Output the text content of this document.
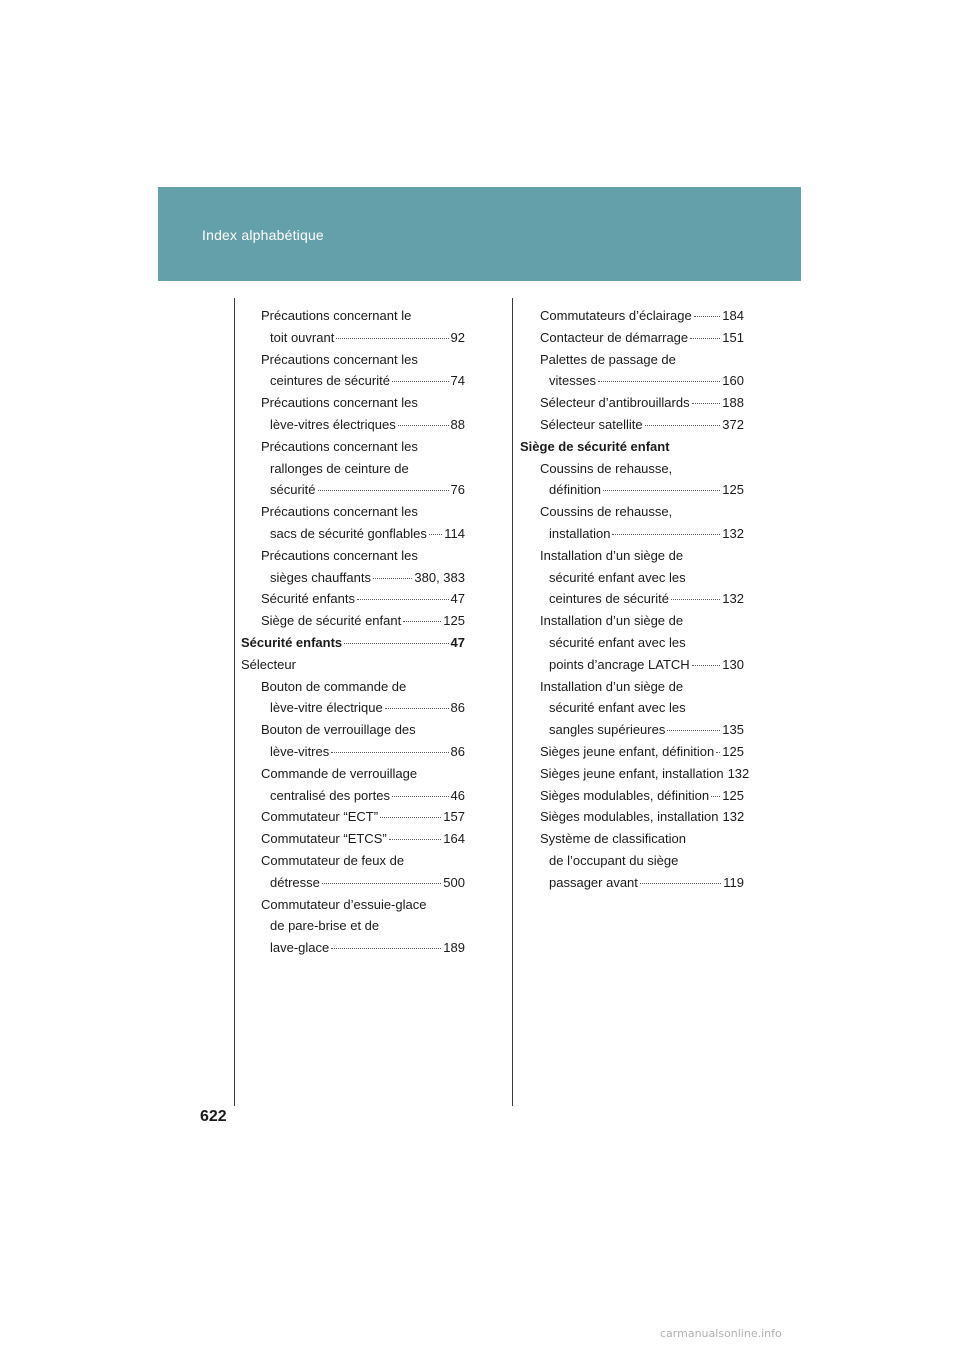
Index alphabétique
622
Précautions concernant le
toit ouvrant	92
Précautions concernant les
ceintures de sécurité	74
Précautions concernant les
lève-vitres électriques	88
Précautions concernant les
rallonges de ceinture de
sécurité	76
Précautions concernant les
sacs de sécurité gonflables 114
Précautions concernant les
sièges chauffants	380, 383
Sécurité enfants	47
Siège de sécurité enfant	125
Sécurité enfants	47
Sélecteur
Bouton de commande de
lève-vitre électrique	86
Bouton de verrouillage des
lève-vitres	86
Commande de verrouillage
centralisé des portes	46
Commutateur “ECT”	157
Commutateur “ETCS”	164
Commutateur de feux de
détresse	500
Commutateur d’essuie-glace
de pare-brise et de
lave-glace	189
Commutateurs d’éclairage 184
Contacteur de démarrage	151
Palettes de passage de
vitesses	160
Sélecteur d’antibrouillards	188
Sélecteur satellite	372
Siège de sécurité enfant
Coussins de rehausse,
définition	125
Coussins de rehausse,
installation	132
Installation d’un siège de
sécurité enfant avec les
ceintures de sécurité	132
Installation d’un siège de
sécurité enfant avec les
points d’ancrage LATCH	130
Installation d’un siège de
sécurité enfant avec les
sangles supérieures	135
Sièges jeune enfant, définition 125
Sièges jeune enfant, installation 132
Sièges modulables, définition 125
Sièges modulables, installation 132
Système de classification
de l’occupant du siège
passager avant	119
carmanualsonline.info
